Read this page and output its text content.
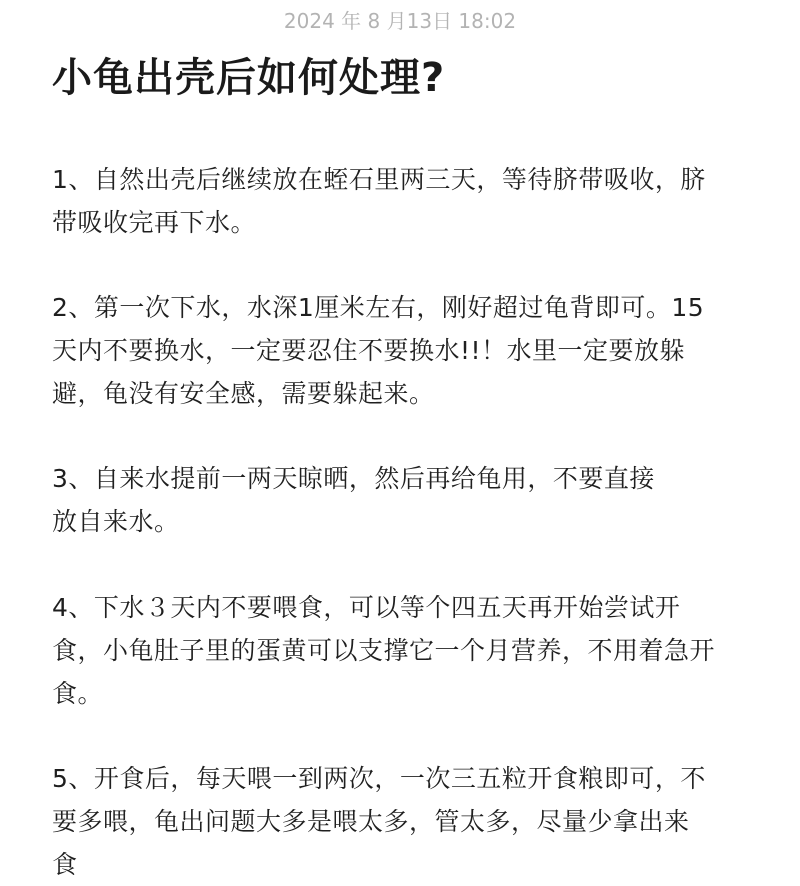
2024 年 8 月13日 18:02
小龟出壳后如何处理?

1、自然出壳后继续放在蛭石里两三天，等待脐带吸收，脐
带吸收完再下水。

2、第一次下水，水深1厘米左右，刚好超过龟背即可。15
天内不要换水，一定要忍住不要换水!!！水里一定要放躲
避，龟没有安全感，需要躲起来。

3、自来水提前一两天晾晒，然后再给龟用，不要直接
放自来水。

4、下水３天内不要喂食，可以等个四五天再开始尝试开
食，小龟肚子里的蛋黄可以支撑它一个月营养，不用着急开
食。

5、开食后，每天喂一到两次，一次三五粒开食粮即可，不
要多喂，龟出问题大多是喂太多，管太多，尽量少拿出来
食
